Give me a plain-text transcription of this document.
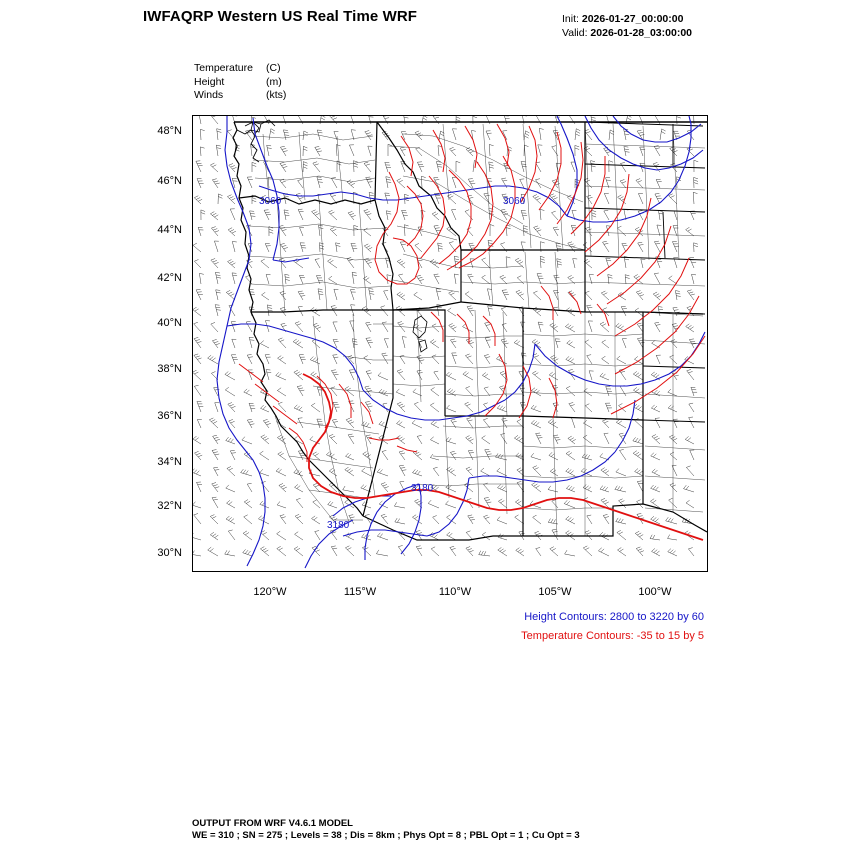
IWFAQRP Western US Real Time WRF	Init: 2026-01-27_00:00:00
Valid: 2026-01-28_03:00:00
Temperature (C)
Height	(m)
Winds	(kts)
48°N
46°N
44°N
42°N
40°N
38°N
36°N
34°N
32°N
30°N
120°W	115°W	110°W	105°W	100°W
3060	3060
3180
3180
Height Contours: 2800 to 3220 by 60
Temperature Contours: -35 to 15 by 5
OUTPUT FROM WRF V4.6.1 MODEL
WE = 310 ; SN = 275 ; Levels = 38 ; Dis = 8km ; Phys Opt = 8 ; PBL Opt = 1 ; Cu Opt = 3
